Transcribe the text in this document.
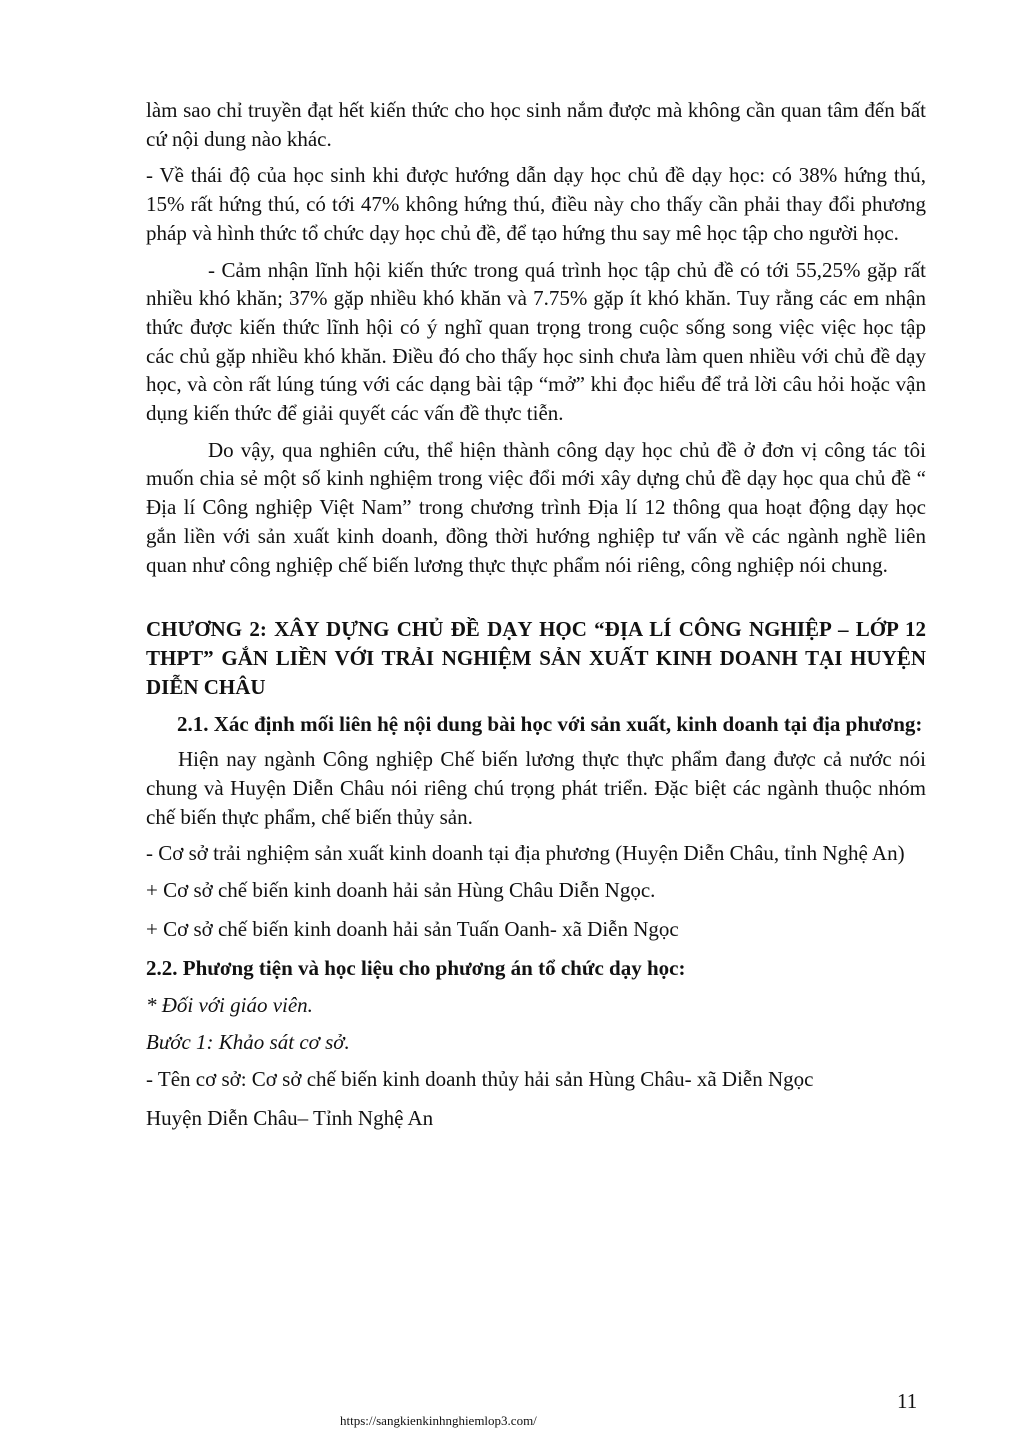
làm sao chỉ truyền đạt hết kiến thức cho học sinh nắm được mà không cần quan tâm đến bất cứ nội dung nào khác.

- Về thái độ của học sinh khi được hướng dẫn dạy học chủ đề dạy học: có 38% hứng thú, 15% rất hứng thú, có tới 47% không hứng thú, điều này cho thấy cần phải thay đổi phương pháp và hình thức tổ chức dạy học chủ đề, để tạo hứng thu say mê học tập cho người học.

- Cảm nhận lĩnh hội kiến thức trong quá trình học tập chủ đề có tới 55,25% gặp rất nhiều khó khăn; 37% gặp nhiều khó khăn và 7.75% gặp ít khó khăn. Tuy rằng các em nhận thức được kiến thức lĩnh hội có ý nghĩ quan trọng trong cuộc sống song việc việc học tập các chủ gặp nhiều khó khăn. Điều đó cho thấy học sinh chưa làm quen nhiều với chủ đề dạy học, và còn rất lúng túng với các dạng bài tập “mở” khi đọc hiểu để trả lời câu hỏi hoặc vận dụng kiến thức để giải quyết các vấn đề thực tiễn.

Do vậy, qua nghiên cứu, thể hiện thành công dạy học chủ đề ở đơn vị công tác tôi muốn chia sẻ một số kinh nghiệm trong việc đổi mới xây dựng chủ đề dạy học qua chủ đề “ Địa lí Công nghiệp Việt Nam” trong chương trình Địa lí 12 thông qua hoạt động dạy học gắn liền với sản xuất kinh doanh, đồng thời hướng nghiệp tư vấn về các ngành nghề liên quan như công nghiệp chế biến lương thực thực phẩm nói riêng, công nghiệp nói chung.

CHƯƠNG 2: XÂY DỰNG CHỦ ĐỀ DẠY HỌC “ĐỊA LÍ CÔNG NGHIỆP – LỚP 12 THPT” GẮN LIỀN VỚI TRẢI NGHIỆM SẢN XUẤT KINH DOANH TẠI HUYỆN DIỄN CHÂU
2.1. Xác định mối liên hệ nội dung bài học với sản xuất, kinh doanh tại địa phương:

Hiện nay ngành Công nghiệp Chế biến lương thực thực phẩm đang được cả nước nói chung và Huyện Diễn Châu nói riêng chú trọng phát triển. Đặc biệt các ngành thuộc nhóm chế biến thực phẩm, chế biến thủy sản.

- Cơ sở trải nghiệm sản xuất kinh doanh tại địa phương (Huyện Diễn Châu, tỉnh Nghệ An)

+ Cơ sở chế biến kinh doanh hải sản Hùng Châu Diễn Ngọc.
+ Cơ sở chế biến kinh doanh hải sản Tuấn Oanh- xã Diễn Ngọc
2.2. Phương tiện và học liệu cho phương án tổ chức dạy học:
* Đối với giáo viên.
Bước 1: Khảo sát cơ sở.
- Tên cơ sở: Cơ sở chế biến kinh doanh thủy hải sản Hùng Châu- xã Diễn Ngọc
Huyện Diễn Châu– Tỉnh Nghệ An
11
https://sangkienkinhnghiemlop3.com/
